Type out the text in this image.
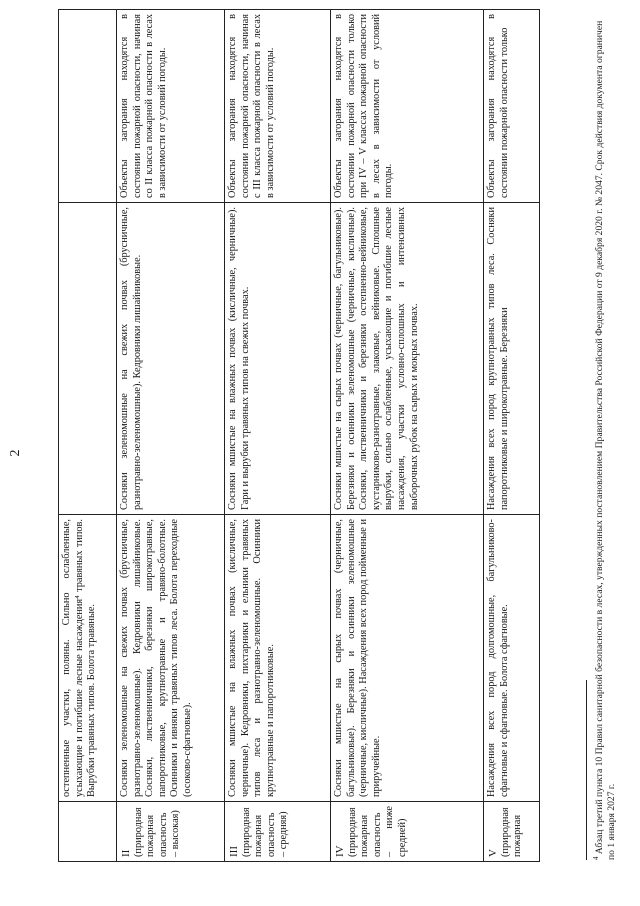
2
	остепненные участки, поляны. Сильно ослабленные, усыхающие и погибшие лесные насаждения⁴ травяных типов. Вырубки травяных типов. Болота травяные.		

II (природная пожарная опасность – высокая)	Сосняки зеленомошные на свежих почвах (брусничные, разнотравно-зеленомошные). Кедровники лишайниковые. Сосняки, лиственничники, березняки широкотравные, папоротниковые, крупнотравные и травяно-болотные. Осинники и ивняки травяных типов леса. Болота переходные (осоково-сфагновые).	Сосняки зеленомошные на свежих почвах (брусничные, разнотравно-зеленомошные). Кедровники лишайниковые.	Объекты загорания находятся в состоянии пожарной опасности, начиная со II класса пожарной опасности в лесах в зависимости от условий погоды.

III (природная пожарная опасность – средняя)	Сосняки мшистые на влажных почвах (кисличные, черничные). Кедровники, пихтарники и ельники травяных типов леса и разнотравно-зеленомошные. Осинники крупнотравные и папоротниковые.	Сосняки мшистые на влажных почвах (кисличные, черничные). Гари и вырубки травяных типов на свежих почвах.	Объекты загорания находятся в состоянии пожарной опасности, начиная с III класса пожарной опасности в лесах в зависимости от условий погоды.

IV (природная пожарная опасность – ниже средней)	Сосняки мшистые на сырых почвах (черничные, багульниковые). Березняки и осинники зеленомошные (черничные, кисличные). Насаждения всех пород пойменные и приручейные.	Сосняки мшистые на сырых почвах (черничные, багульниковые). Березняки и осинники зеленомошные (черничные, кисличные). Сосняки, лиственничники и березняки остепненно-вейниковые, кустарниково-разнотравные, злаковые, вейниковые. Сплошные вырубки, сильно ослабленные, усыхающие и погибшие лесные насаждения, участки условно-сплошных и интенсивных выборочных рубок на сырых и мокрых почвах.	Объекты загорания находятся в состоянии пожарной опасности только при IV – V классах пожарной опасности в лесах в зависимости от условий погоды.

V (природная пожарная	Насаждения всех пород долгомошные, багульниково-сфагновые и сфагновые. Болота сфагновые.	Насаждения всех пород крупнотравных типов леса. Сосняки папоротниковые и широкотравные. Березняки	Объекты загорания находятся в состоянии пожарной опасности только
$^4$ Абзац третий пункта 10 Правил санитарной безопасности в лесах, утвержденных постановлением Правительства Российской Федерации от 9 декабря 2020 г. № 2047. Срок действия документа ограничен по 1 января 2027 г.
